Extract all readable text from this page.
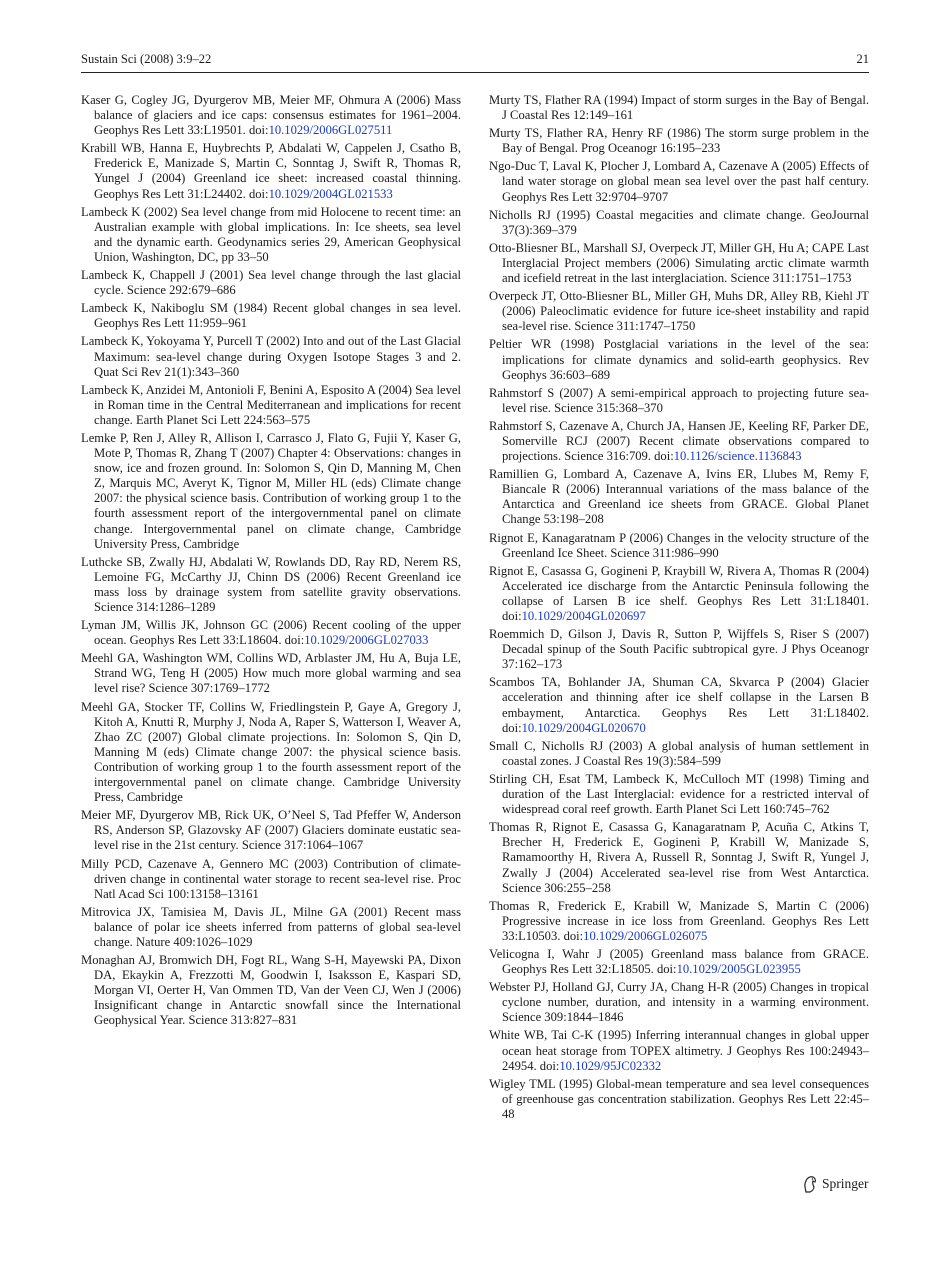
Sustain Sci (2008) 3:9–22	21

Kaser G, Cogley JG, Dyurgerov MB, Meier MF, Ohmura A (2006) Mass balance of glaciers and ice caps: consensus estimates for 1961–2004. Geophys Res Lett 33:L19501. doi:10.1029/2006GL027511

Krabill WB, Hanna E, Huybrechts P, Abdalati W, Cappelen J, Csatho B, Frederick E, Manizade S, Martin C, Sonntag J, Swift R, Thomas R, Yungel J (2004) Greenland ice sheet: increased coastal thinning. Geophys Res Lett 31:L24402. doi:10.1029/2004GL021533

Lambeck K (2002) Sea level change from mid Holocene to recent time: an Australian example with global implications. In: Ice sheets, sea level and the dynamic earth. Geodynamics series 29, American Geophysical Union, Washington, DC, pp 33–50

Lambeck K, Chappell J (2001) Sea level change through the last glacial cycle. Science 292:679–686

Lambeck K, Nakiboglu SM (1984) Recent global changes in sea level. Geophys Res Lett 11:959–961

Lambeck K, Yokoyama Y, Purcell T (2002) Into and out of the Last Glacial Maximum: sea-level change during Oxygen Isotope Stages 3 and 2. Quat Sci Rev 21(1):343–360

Lambeck K, Anzidei M, Antonioli F, Benini A, Esposito A (2004) Sea level in Roman time in the Central Mediterranean and implications for recent change. Earth Planet Sci Lett 224:563–575

Lemke P, Ren J, Alley R, Allison I, Carrasco J, Flato G, Fujii Y, Kaser G, Mote P, Thomas R, Zhang T (2007) Chapter 4: Observations: changes in snow, ice and frozen ground. In: Solomon S, Qin D, Manning M, Chen Z, Marquis MC, Averyt K, Tignor M, Miller HL (eds) Climate change 2007: the physical science basis. Contribution of working group 1 to the fourth assessment report of the intergovernmental panel on climate change. Intergovernmental panel on climate change, Cambridge University Press, Cambridge

Luthcke SB, Zwally HJ, Abdalati W, Rowlands DD, Ray RD, Nerem RS, Lemoine FG, McCarthy JJ, Chinn DS (2006) Recent Greenland ice mass loss by drainage system from satellite gravity observations. Science 314:1286–1289

Lyman JM, Willis JK, Johnson GC (2006) Recent cooling of the upper ocean. Geophys Res Lett 33:L18604. doi:10.1029/2006GL027033

Meehl GA, Washington WM, Collins WD, Arblaster JM, Hu A, Buja LE, Strand WG, Teng H (2005) How much more global warming and sea level rise? Science 307:1769–1772

Meehl GA, Stocker TF, Collins W, Friedlingstein P, Gaye A, Gregory J, Kitoh A, Knutti R, Murphy J, Noda A, Raper S, Watterson I, Weaver A, Zhao ZC (2007) Global climate projections. In: Solomon S, Qin D, Manning M (eds) Climate change 2007: the physical science basis. Contribution of working group 1 to the fourth assessment report of the intergovernmental panel on climate change. Cambridge University Press, Cambridge

Meier MF, Dyurgerov MB, Rick UK, O’Neel S, Tad Pfeffer W, Anderson RS, Anderson SP, Glazovsky AF (2007) Glaciers dominate eustatic sea-level rise in the 21st century. Science 317:1064–1067

Milly PCD, Cazenave A, Gennero MC (2003) Contribution of climate-driven change in continental water storage to recent sea-level rise. Proc Natl Acad Sci 100:13158–13161

Mitrovica JX, Tamisiea M, Davis JL, Milne GA (2001) Recent mass balance of polar ice sheets inferred from patterns of global sea-level change. Nature 409:1026–1029

Monaghan AJ, Bromwich DH, Fogt RL, Wang S-H, Mayewski PA, Dixon DA, Ekaykin A, Frezzotti M, Goodwin I, Isaksson E, Kaspari SD, Morgan VI, Oerter H, Van Ommen TD, Van der Veen CJ, Wen J (2006) Insignificant change in Antarctic snowfall since the International Geophysical Year. Science 313:827–831

Murty TS, Flather RA (1994) Impact of storm surges in the Bay of Bengal. J Coastal Res 12:149–161

Murty TS, Flather RA, Henry RF (1986) The storm surge problem in the Bay of Bengal. Prog Oceanogr 16:195–233

Ngo-Duc T, Laval K, Plocher J, Lombard A, Cazenave A (2005) Effects of land water storage on global mean sea level over the past half century. Geophys Res Lett 32:9704–9707

Nicholls RJ (1995) Coastal megacities and climate change. GeoJournal 37(3):369–379

Otto-Bliesner BL, Marshall SJ, Overpeck JT, Miller GH, Hu A; CAPE Last Interglacial Project members (2006) Simulating arctic climate warmth and icefield retreat in the last interglaciation. Science 311:1751–1753

Overpeck JT, Otto-Bliesner BL, Miller GH, Muhs DR, Alley RB, Kiehl JT (2006) Paleoclimatic evidence for future ice-sheet instability and rapid sea-level rise. Science 311:1747–1750

Peltier WR (1998) Postglacial variations in the level of the sea: implications for climate dynamics and solid-earth geophysics. Rev Geophys 36:603–689

Rahmstorf S (2007) A semi-empirical approach to projecting future sea-level rise. Science 315:368–370

Rahmstorf S, Cazenave A, Church JA, Hansen JE, Keeling RF, Parker DE, Somerville RCJ (2007) Recent climate observations compared to projections. Science 316:709. doi:10.1126/science.1136843

Ramillien G, Lombard A, Cazenave A, Ivins ER, Llubes M, Remy F, Biancale R (2006) Interannual variations of the mass balance of the Antarctica and Greenland ice sheets from GRACE. Global Planet Change 53:198–208

Rignot E, Kanagaratnam P (2006) Changes in the velocity structure of the Greenland Ice Sheet. Science 311:986–990

Rignot E, Casassa G, Gogineni P, Kraybill W, Rivera A, Thomas R (2004) Accelerated ice discharge from the Antarctic Peninsula following the collapse of Larsen B ice shelf. Geophys Res Lett 31:L18401. doi:10.1029/2004GL020697

Roemmich D, Gilson J, Davis R, Sutton P, Wijffels S, Riser S (2007) Decadal spinup of the South Pacific subtropical gyre. J Phys Oceanogr 37:162–173

Scambos TA, Bohlander JA, Shuman CA, Skvarca P (2004) Glacier acceleration and thinning after ice shelf collapse in the Larsen B embayment, Antarctica. Geophys Res Lett 31:L18402. doi:10.1029/2004GL020670

Small C, Nicholls RJ (2003) A global analysis of human settlement in coastal zones. J Coastal Res 19(3):584–599

Stirling CH, Esat TM, Lambeck K, McCulloch MT (1998) Timing and duration of the Last Interglacial: evidence for a restricted interval of widespread coral reef growth. Earth Planet Sci Lett 160:745–762

Thomas R, Rignot E, Casassa G, Kanagaratnam P, Acuña C, Atkins T, Brecher H, Frederick E, Gogineni P, Krabill W, Manizade S, Ramamoorthy H, Rivera A, Russell R, Sonntag J, Swift R, Yungel J, Zwally J (2004) Accelerated sea-level rise from West Antarctica. Science 306:255–258

Thomas R, Frederick E, Krabill W, Manizade S, Martin C (2006) Progressive increase in ice loss from Greenland. Geophys Res Lett 33:L10503. doi:10.1029/2006GL026075

Velicogna I, Wahr J (2005) Greenland mass balance from GRACE. Geophys Res Lett 32:L18505. doi:10.1029/2005GL023955

Webster PJ, Holland GJ, Curry JA, Chang H-R (2005) Changes in tropical cyclone number, duration, and intensity in a warming environment. Science 309:1844–1846

White WB, Tai C-K (1995) Inferring interannual changes in global upper ocean heat storage from TOPEX altimetry. J Geophys Res 100:24943–24954. doi:10.1029/95JC02332

Wigley TML (1995) Global-mean temperature and sea level consequences of greenhouse gas concentration stabilization. Geophys Res Lett 22:45–48

Springer
